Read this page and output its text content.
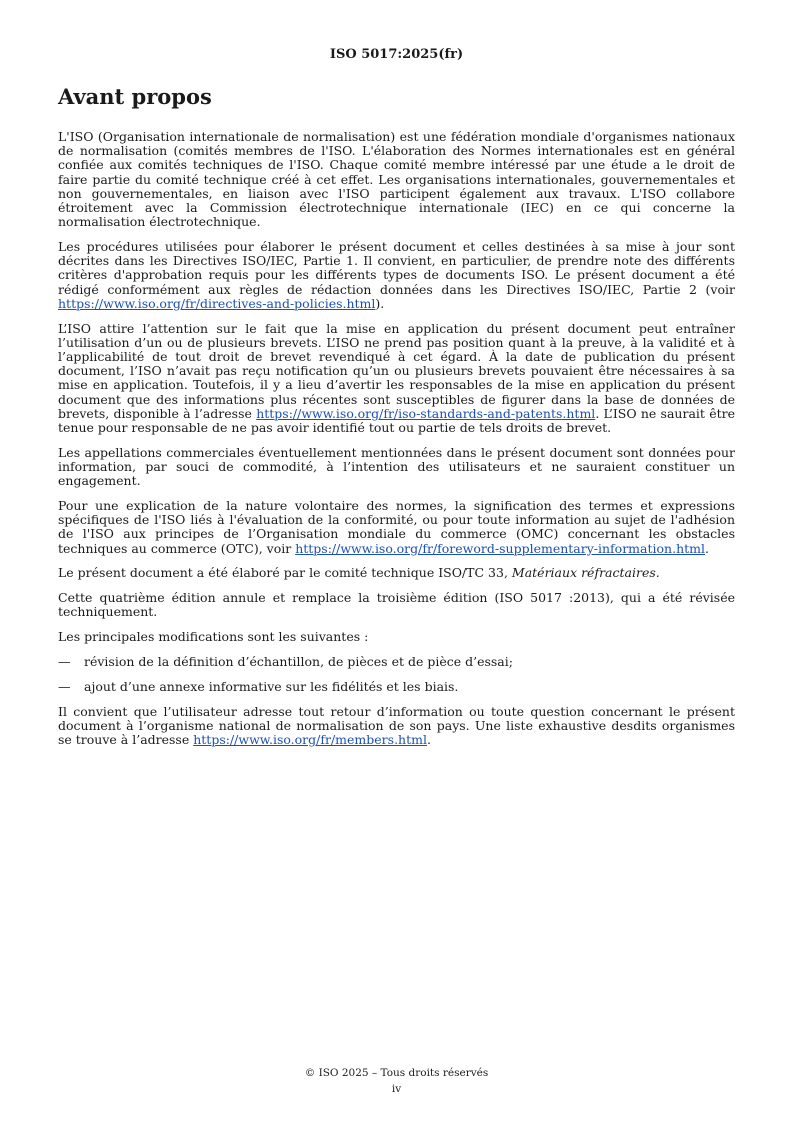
ISO 5017:2025(fr)
Avant propos

L'ISO (Organisation internationale de normalisation) est une fédération mondiale d'organismes nationaux de normalisation (comités membres de l'ISO. L'élaboration des Normes internationales est en général confiée aux comités techniques de l'ISO. Chaque comité membre intéressé par une étude a le droit de faire partie du comité technique créé à cet effet. Les organisations internationales, gouvernementales et non gouvernementales, en liaison avec l'ISO participent également aux travaux. L'ISO collabore étroitement avec la Commission électrotechnique internationale (IEC) en ce qui concerne la normalisation électrotechnique.

Les procédures utilisées pour élaborer le présent document et celles destinées à sa mise à jour sont décrites dans les Directives ISO/IEC, Partie 1. Il convient, en particulier, de prendre note des différents critères d'approbation requis pour les différents types de documents ISO. Le présent document a été rédigé conformément aux règles de rédaction données dans les Directives ISO/IEC, Partie 2 (voir https://www.iso.org/fr/directives-and-policies.html).

L’ISO attire l’attention sur le fait que la mise en application du présent document peut entraîner l’utilisation d’un ou de plusieurs brevets. L’ISO ne prend pas position quant à la preuve, à la validité et à l’applicabilité de tout droit de brevet revendiqué à cet égard. À la date de publication du présent document, l’ISO n’avait pas reçu notification qu’un ou plusieurs brevets pouvaient être nécessaires à sa mise en application. Toutefois, il y a lieu d’avertir les responsables de la mise en application du présent document que des informations plus récentes sont susceptibles de figurer dans la base de données de brevets, disponible à l’adresse https://www.iso.org/fr/iso-standards-and-patents.html. L’ISO ne saurait être tenue pour responsable de ne pas avoir identifié tout ou partie de tels droits de brevet.

Les appellations commerciales éventuellement mentionnées dans le présent document sont données pour information, par souci de commodité, à l’intention des utilisateurs et ne sauraient constituer un engagement.

Pour une explication de la nature volontaire des normes, la signification des termes et expressions spécifiques de l'ISO liés à l'évaluation de la conformité, ou pour toute information au sujet de l'adhésion de l'ISO aux principes de l’Organisation mondiale du commerce (OMC) concernant les obstacles techniques au commerce (OTC), voir https://www.iso.org/fr/foreword-supplementary-information.html.

Le présent document a été élaboré par le comité technique ISO/TC 33, Matériaux réfractaires.

Cette quatrième édition annule et remplace la troisième édition (ISO 5017 :2013), qui a été révisée techniquement.

Les principales modifications sont les suivantes :

—	révision de la définition d’échantillon, de pièces et de pièce d’essai;
—	ajout d’une annexe informative sur les fidélités et les biais.

Il convient que l’utilisateur adresse tout retour d’information ou toute question concernant le présent document à l’organisme national de normalisation de son pays. Une liste exhaustive desdits organismes se trouve à l’adresse https://www.iso.org/fr/members.html.

© ISO 2025 – Tous droits réservés
iv
